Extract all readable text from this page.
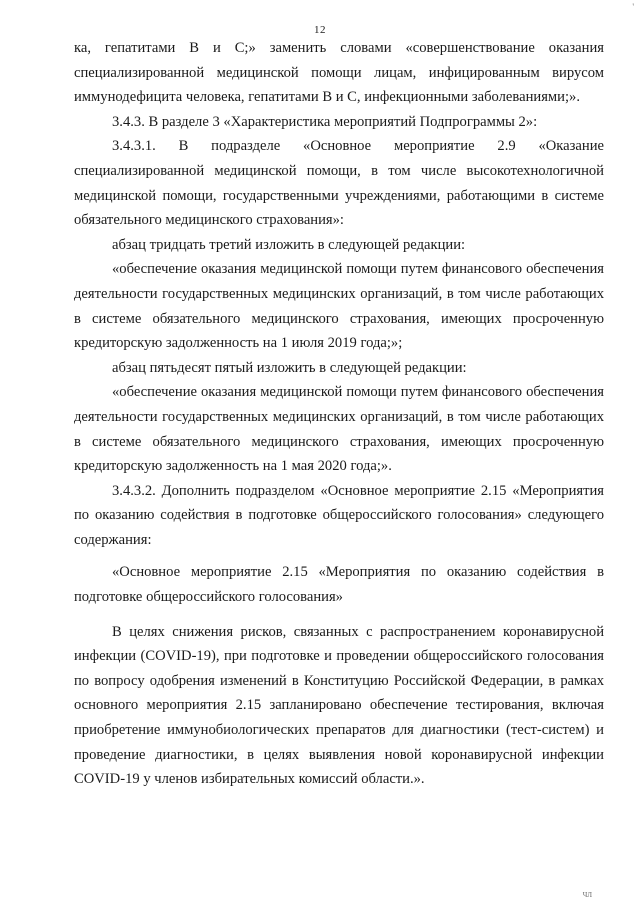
'
12

ка, гепатитами В и С;» заменить словами «совершенствование оказания специализированной медицинской помощи лицам, инфицированным вирусом иммунодефицита человека, гепатитами В и С, инфекционными заболеваниями;».

3.4.3. В разделе 3 «Характеристика мероприятий Подпрограммы 2»:

3.4.3.1. В подразделе «Основное мероприятие 2.9 «Оказание специализированной медицинской помощи, в том числе высокотехнологичной медицинской помощи, государственными учреждениями, работающими в системе обязательного медицинского страхования»:

абзац тридцать третий изложить в следующей редакции:

«обеспечение оказания медицинской помощи путем финансового обеспечения деятельности государственных медицинских организаций, в том числе работающих в системе обязательного медицинского страхования, имеющих просроченную кредиторскую задолженность на 1 июля 2019 года;»;

абзац пятьдесят пятый изложить в следующей редакции:

«обеспечение оказания медицинской помощи путем финансового обеспечения деятельности государственных медицинских организаций, в том числе работающих в системе обязательного медицинского страхования, имеющих просроченную кредиторскую задолженность на 1 мая 2020 года;».

3.4.3.2. Дополнить подразделом «Основное мероприятие 2.15 «Мероприятия по оказанию содействия в подготовке общероссийского голосования» следующего содержания:

«Основное мероприятие 2.15 «Мероприятия по оказанию содействия в подготовке общероссийского голосования»

В целях снижения рисков, связанных с распространением коронавирусной инфекции (COVID-19), при подготовке и проведении общероссийского голосования по вопросу одобрения изменений в Конституцию Российской Федерации, в рамках основного мероприятия 2.15 запланировано обеспечение тестирования, включая приобретение иммунобиологических препаратов для диагностики (тест-систем) и проведение диагностики, в целях выявления новой коронавирусной инфекции COVID-19 у членов избирательных комиссий области.».

ЧЛ
